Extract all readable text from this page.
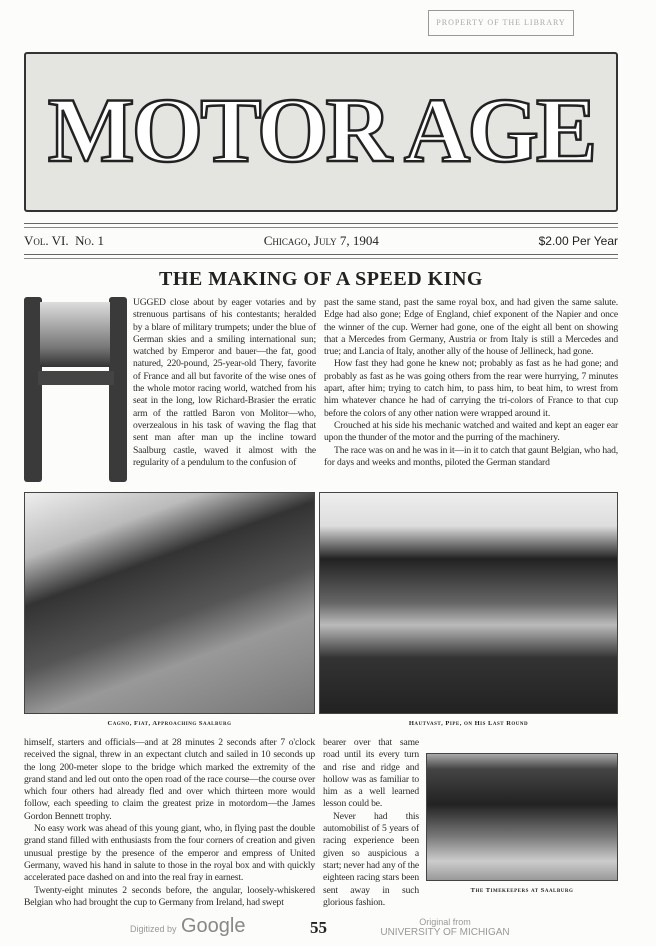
PROPERTY OF THE LIBRARY
MOTOR AGE
Vol. VI. No. 1	Chicago, July 7, 1904	$2.00 Per Year
THE MAKING OF A SPEED KING

UGGED close about by eager votaries and by strenuous partisans of his contestants; heralded by a blare of military trumpets; under the blue of German skies and a smiling international sun; watched by Emperor and bauer—the fat, good natured, 220-pound, 25-year-old Thery, favorite of France and all but favorite of the wise ones of the whole motor racing world, watched from his seat in the long, low Richard-Brasier the erratic arm of the rattled Baron von Molitor—who, overzealous in his task of waving the flag that sent man after man up the incline toward Saalburg castle, waved it almost with the regularity of a pendulum to the confusion of

past the same stand, past the same royal box, and had given the same salute. Edge had also gone; Edge of England, chief exponent of the Napier and once the winner of the cup. Werner had gone, one of the eight all bent on showing that a Mercedes from Germany, Austria or from Italy is still a Mercedes and true; and Lancia of Italy, another ally of the house of Jellineck, had gone.

How fast they had gone he knew not; probably as fast as he had gone; and probably as fast as he was going others from the rear were hurrying, 7 minutes apart, after him; trying to catch him, to pass him, to beat him, to wrest from him whatever chance he had of carrying the tri-colors of France to that cup before the colors of any other nation were wrapped around it.

Crouched at his side his mechanic watched and waited and kept an eager ear upon the thunder of the motor and the purring of the machinery.

The race was on and he was in it—in it to catch that gaunt Belgian, who had, for days and weeks and months, piloted the German standard

Cagno, Fiat, Approaching Saalburg	Hautvast, Pipe, on His Last Round

himself, starters and officials—and at 28 minutes 2 seconds after 7 o'clock received the signal, threw in an expectant clutch and sailed in 10 seconds up the long 200-meter slope to the bridge which marked the extremity of the grand stand and led out onto the open road of the race course—the course over which four others had already fled and over which thirteen more would follow, each speeding to claim the greatest prize in motordom—the James Gordon Bennett trophy.

No easy work was ahead of this young giant, who, in flying past the double grand stand filled with enthusiasts from the four corners of creation and given unusual prestige by the presence of the emperor and empress of United Germany, waved his hand in salute to those in the royal box and with quickly accelerated pace dashed on and into the real fray in earnest.

Twenty-eight minutes 2 seconds before, the angular, loosely-whiskered Belgian who had brought the cup to Germany from Ireland, had swept

bearer over that same road until its every turn and rise and ridge and hollow was as familiar to him as a well learned lesson could be.

Never had this automobilist of 5 years of racing experience been given so auspicious a start; never had any of the eighteen racing stars been sent away in such glorious fashion.

The Timekeepers at Saalburg
Digitized by Google	55	Original from
UNIVERSITY OF MICHIGAN
